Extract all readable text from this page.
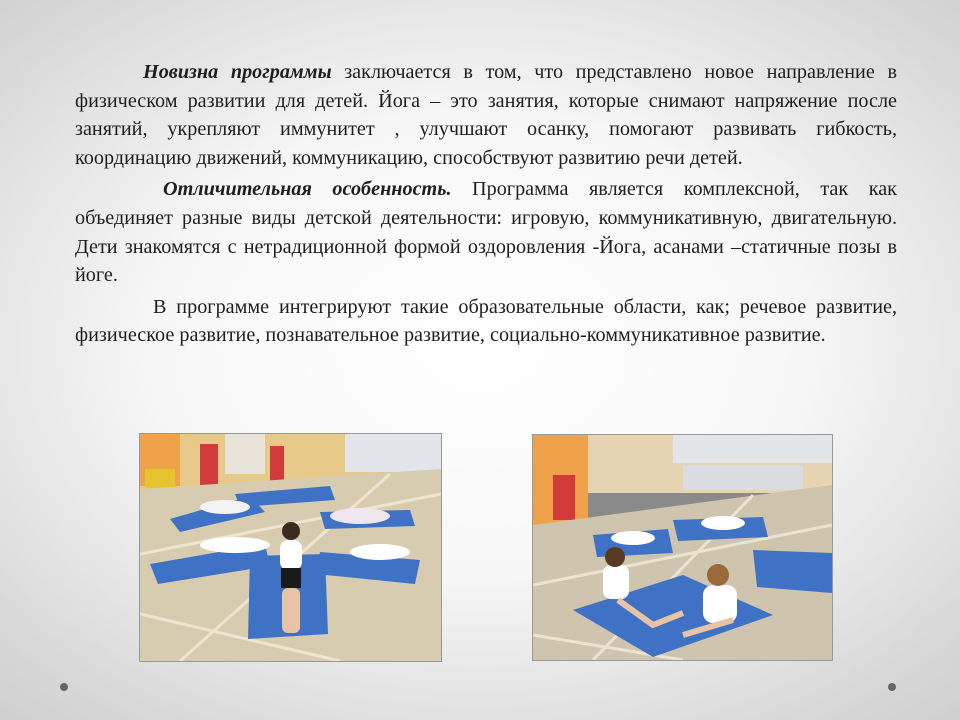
Новизна программы заключается в том, что представлено новое направление в физическом развитии для детей. Йога – это занятия, которые снимают напряжение после занятий, укрепляют иммунитет , улучшают осанку, помогают развивать гибкость, координацию движений, коммуникацию, способствуют развитию речи детей.

Отличительная особенность. Программа является комплексной, так как объединяет разные виды детской деятельности: игровую, коммуникативную, двигательную. Дети знакомятся с нетрадиционной формой оздоровления -Йога, асанами –статичные позы в йоге.

В программе интегрируют такие образовательные области, как; речевое развитие, физическое развитие, познавательное развитие, социально-коммуникативное развитие.
